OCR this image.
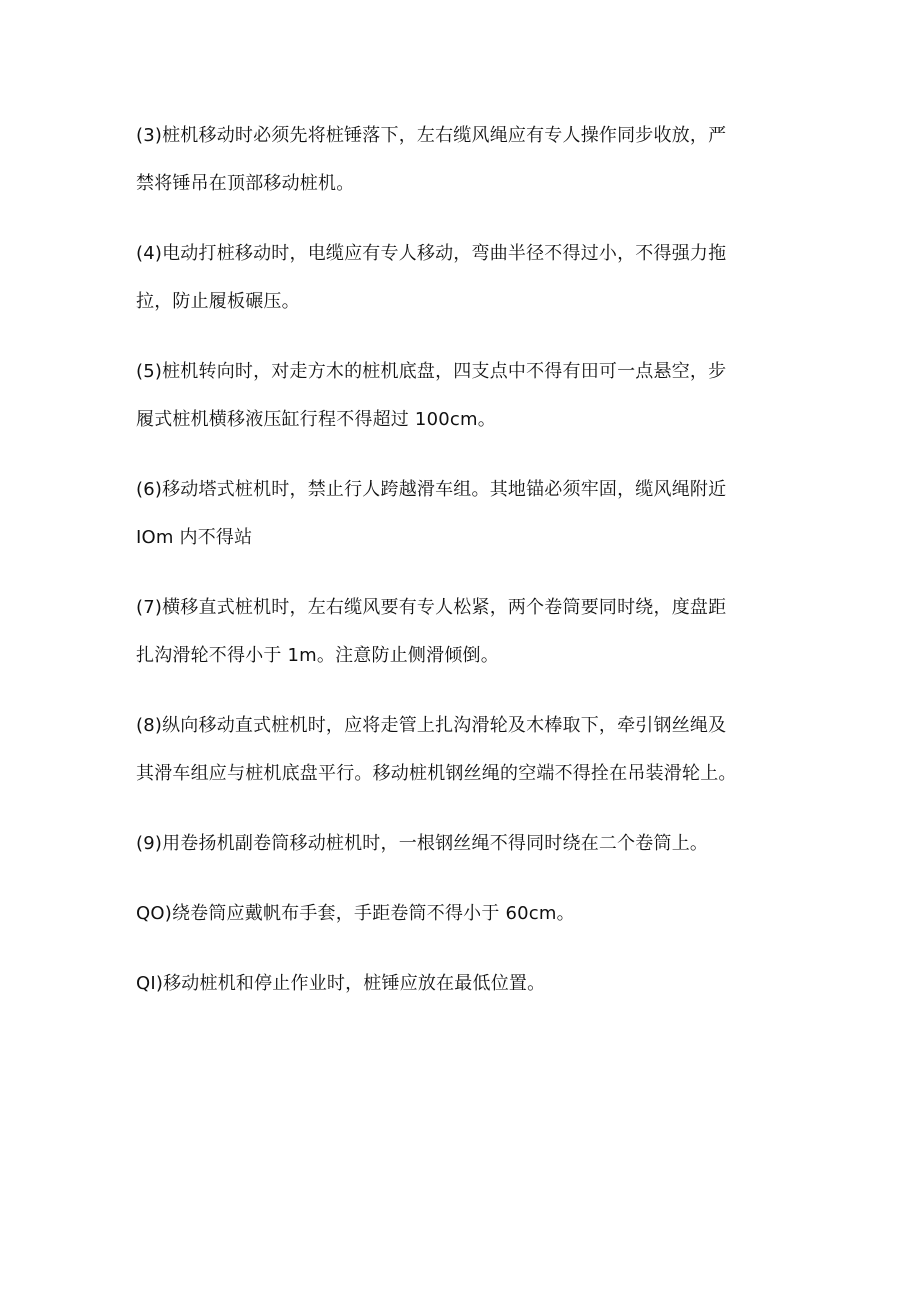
(3)桩机移动时必须先将桩锤落下，左右缆风绳应有专人操作同步收放，严
禁将锤吊在顶部移动桩机。

(4)电动打桩移动时，电缆应有专人移动，弯曲半径不得过小，不得强力拖
拉，防止履板碾压。

(5)桩机转向时，对走方木的桩机底盘，四支点中不得有田可一点悬空，步
履式桩机横移液压缸行程不得超过 100cm。

(6)移动塔式桩机时，禁止行人跨越滑车组。其地锚必须牢固，缆风绳附近
IOm 内不得站

(7)横移直式桩机时，左右缆风要有专人松紧，两个卷筒要同时绕，度盘距
扎沟滑轮不得小于 1m。注意防止侧滑倾倒。

(8)纵向移动直式桩机时，应将走管上扎沟滑轮及木棒取下，牵引钢丝绳及
其滑车组应与桩机底盘平行。移动桩机钢丝绳的空端不得拴在吊装滑轮上。

(9)用卷扬机副卷筒移动桩机时，一根钢丝绳不得同时绕在二个卷筒上。

QO)绕卷筒应戴帆布手套，手距卷筒不得小于 60cm。

QI)移动桩机和停止作业时，桩锤应放在最低位置。
